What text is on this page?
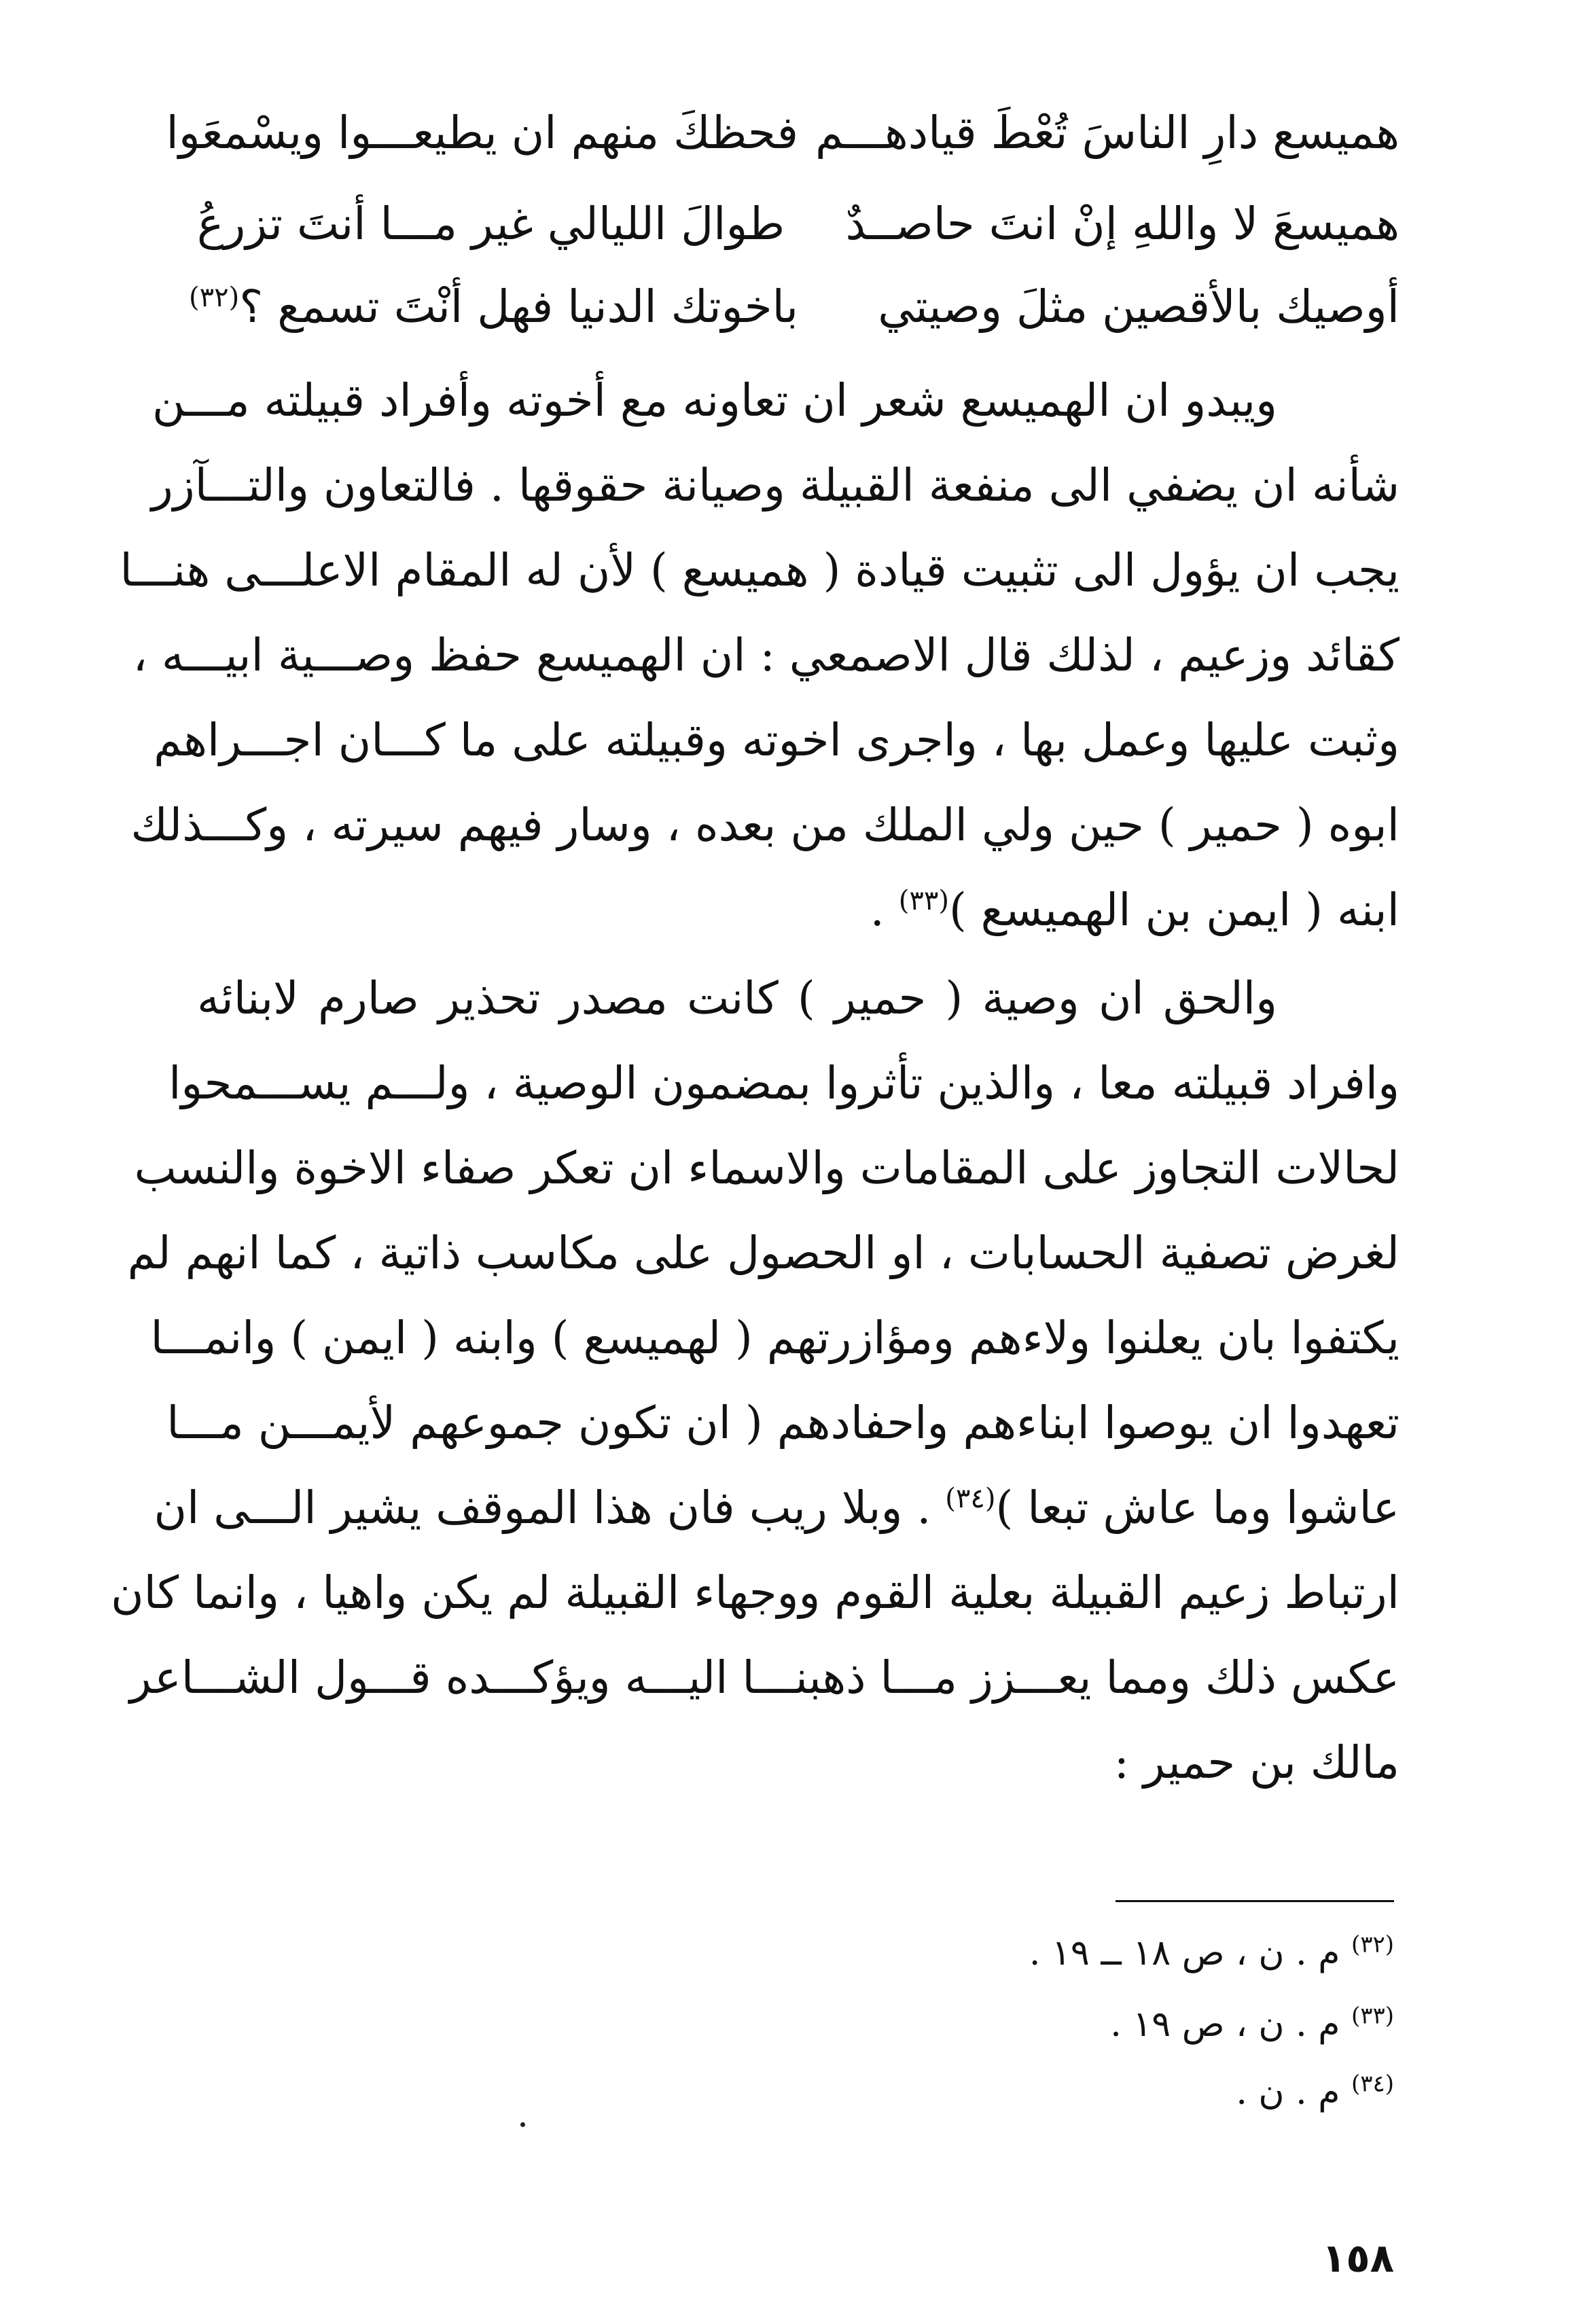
هميسع دارِ الناسَ تُعْطَ قيادهـــم
فحظكَ منهم ان يطيعـــوا ويسْمعَوا
هميسعَ لا واللهِ إنْ انتَ حاصــدٌ
طوالَ الليالي غير مـــا أنتَ تزرعُ
أوصيك بالأقصين مثلَ وصيتي
باخوتك الدنيا فهل أنْتَ تسمع ؟$^{(٣٢)}$
ويبدو ان الهميسع شعر ان تعاونه مع أخوته وأفراد قبيلته مـــن
شأنه ان يضفي الى منفعة القبيلة وصيانة حقوقها . فالتعاون والتـــآزر
يجب ان يؤول الى تثبيت قيادة ( هميسع ) لأن له المقام الاعلـــى هنـــا
كقائد وزعيم ، لذلك قال الاصمعي : ان الهميسع حفظ وصـــية ابيـــه ،
وثبت عليها وعمل بها ، واجرى اخوته وقبيلته على ما كـــان اجـــراهم
ابوه ( حمير ) حين ولي الملك من بعده ، وسار فيهم سيرته ، وكـــذلك
ابنه ( ايمن بن الهميسع )$^{(٣٣)}$ .
والحق ان وصية ( حمير ) كانت مصدر تحذير صارم لابنائه
وافراد قبيلته معا ، والذين تأثروا بمضمون الوصية ، ولـــم يســـمحوا
لحالات التجاوز على المقامات والاسماء ان تعكر صفاء الاخوة والنسب
لغرض تصفية الحسابات ، او الحصول على مكاسب ذاتية ، كما انهم لم
يكتفوا بان يعلنوا ولاءهم ومؤازرتهم ( لهميسع ) وابنه ( ايمن ) وانمـــا
تعهدوا ان يوصوا ابناءهم واحفادهم ( ان تكون جموعهم لأيمـــن مـــا
عاشوا وما عاش تبعا )$^{(٣٤)}$ . وبلا ريب فان هذا الموقف يشير الـــى ان
ارتباط زعيم القبيلة بعلية القوم ووجهاء القبيلة لم يكن واهيا ، وانما كان
عكس ذلك ومما يعـــزز مـــا ذهبنـــا اليـــه ويؤكـــده قـــول الشـــاعر
مالك بن حمير :
$^{(٣٢)}$ م . ن ، ص ١٨ ــ ١٩ .
$^{(٣٣)}$ م . ن ، ص ١٩ .
$^{(٣٤)}$ م . ن .
١٥٨
